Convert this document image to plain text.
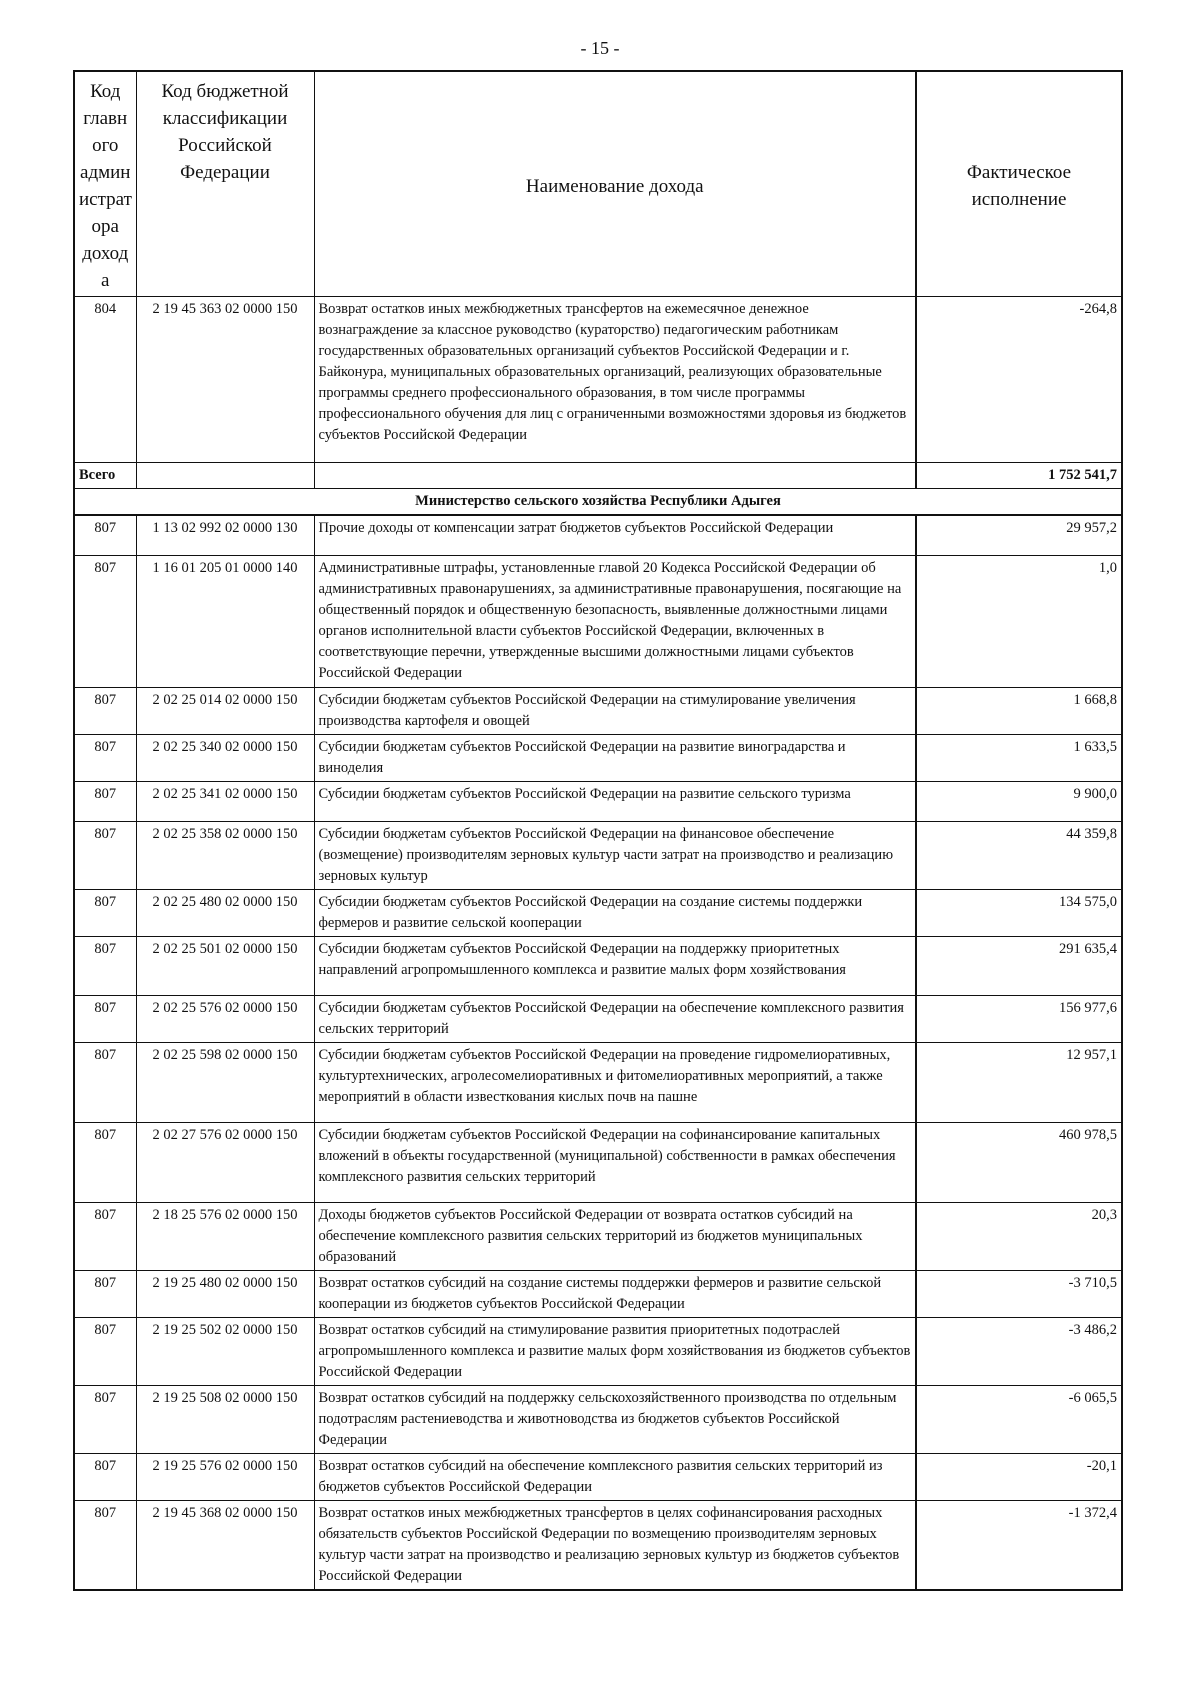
- 15 -
Код главн ого админ истрат ора доход а	Код бюджетной классификации Российской Федерации	Наименование дохода	Фактическое исполнение
804	2 19 45 363 02 0000 150	Возврат остатков иных межбюджетных трансфертов на ежемесячное денежное вознаграждение за классное руководство (кураторство) педагогическим работникам государственных образовательных организаций субъектов Российской Федерации и г. Байконура, муниципальных образовательных организаций, реализующих образовательные программы среднего профессионального образования, в том числе программы профессионального обучения для лиц с ограниченными возможностями здоровья из бюджетов субъектов Российской Федерации	-264,8
Всего			1 752 541,7
Министерство сельского хозяйства Республики Адыгея			
807	1 13 02 992 02 0000 130	Прочие доходы от компенсации затрат бюджетов субъектов Российской Федерации	29 957,2
807	1 16 01 205 01 0000 140	Административные штрафы, установленные главой 20 Кодекса Российской Федерации об административных правонарушениях, за административные правонарушения, посягающие на общественный порядок и общественную безопасность, выявленные должностными лицами органов исполнительной власти субъектов Российской Федерации, включенных в соответствующие перечни, утвержденные высшими должностными лицами субъектов Российской Федерации	1,0
807	2 02 25 014 02 0000 150	Субсидии бюджетам субъектов Российской Федерации на стимулирование увеличения производства картофеля и овощей	1 668,8
807	2 02 25 340 02 0000 150	Субсидии бюджетам субъектов Российской Федерации на развитие виноградарства и виноделия	1 633,5
807	2 02 25 341 02 0000 150	Субсидии бюджетам субъектов Российской Федерации на развитие сельского туризма	9 900,0
807	2 02 25 358 02 0000 150	Субсидии бюджетам субъектов Российской Федерации на финансовое обеспечение (возмещение) производителям зерновых культур части затрат на производство и реализацию зерновых культур	44 359,8
807	2 02 25 480 02 0000 150	Субсидии бюджетам субъектов Российской Федерации на создание системы поддержки фермеров и развитие сельской кооперации	134 575,0
807	2 02 25 501 02 0000 150	Субсидии бюджетам субъектов Российской Федерации на поддержку приоритетных направлений агропромышленного комплекса и развитие малых форм хозяйствования	291 635,4
807	2 02 25 576 02 0000 150	Субсидии бюджетам субъектов Российской Федерации на обеспечение комплексного развития сельских территорий	156 977,6
807	2 02 25 598 02 0000 150	Субсидии бюджетам субъектов Российской Федерации на проведение гидромелиоративных, культуртехнических, агролесомелиоративных и фитомелиоративных мероприятий, а также мероприятий в области известкования кислых почв на пашне	12 957,1
807	2 02 27 576 02 0000 150	Субсидии бюджетам субъектов Российской Федерации на софинансирование капитальных вложений в объекты государственной (муниципальной) собственности в рамках обеспечения комплексного развития сельских территорий	460 978,5
807	2 18 25 576 02 0000 150	Доходы бюджетов субъектов Российской Федерации от возврата остатков субсидий на обеспечение комплексного развития сельских территорий из бюджетов муниципальных образований	20,3
807	2 19 25 480 02 0000 150	Возврат остатков субсидий на создание системы поддержки фермеров и развитие сельской кооперации из бюджетов субъектов Российской Федерации	-3 710,5
807	2 19 25 502 02 0000 150	Возврат остатков субсидий на стимулирование развития приоритетных подотраслей агропромышленного комплекса и развитие малых форм хозяйствования из бюджетов субъектов Российской Федерации	-3 486,2
807	2 19 25 508 02 0000 150	Возврат остатков субсидий на поддержку сельскохозяйственного производства по отдельным подотраслям растениеводства и животноводства из бюджетов субъектов Российской Федерации	-6 065,5
807	2 19 25 576 02 0000 150	Возврат остатков субсидий на обеспечение комплексного развития сельских территорий из бюджетов субъектов Российской Федерации	-20,1
807	2 19 45 368 02 0000 150	Возврат остатков иных межбюджетных трансфертов в целях софинансирования расходных обязательств субъектов Российской Федерации по возмещению производителям зерновых культур части затрат на производство и реализацию зерновых культур из бюджетов субъектов Российской Федерации	-1 372,4
